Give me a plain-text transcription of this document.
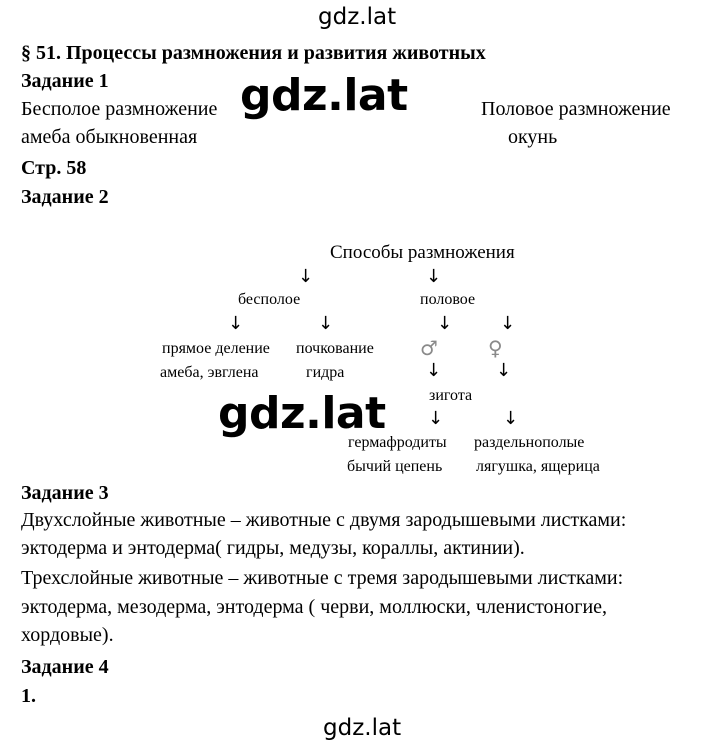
gdz.lat
gdz.lat
gdz.lat
gdz.lat
§ 51. Процессы размножения и развития животных
Задание 1
Бесполое размножение	Половое размножение
амеба обыкновенная	окунь
Стр. 58
Задание 2
Способы размножения
↓	↓
бесполое	половое
↓	↓	↓	↓
прямое деление почкование ♂	♀
амеба, эвглена	гидра	↓	↓
зигота
↓	↓
гермафродиты раздельнополые
бычий цепень лягушка, ящерица
Задание 3
Двухслойные животные – животные с двумя зародышевыми листками:
эктодерма и энтодерма( гидры, медузы, кораллы, актинии).
Трехслойные животные – животные с тремя зародышевыми листками:
эктодерма, мезодерма, энтодерма ( черви, моллюски, членистоногие,
хордовые).
Задание 4
1.
